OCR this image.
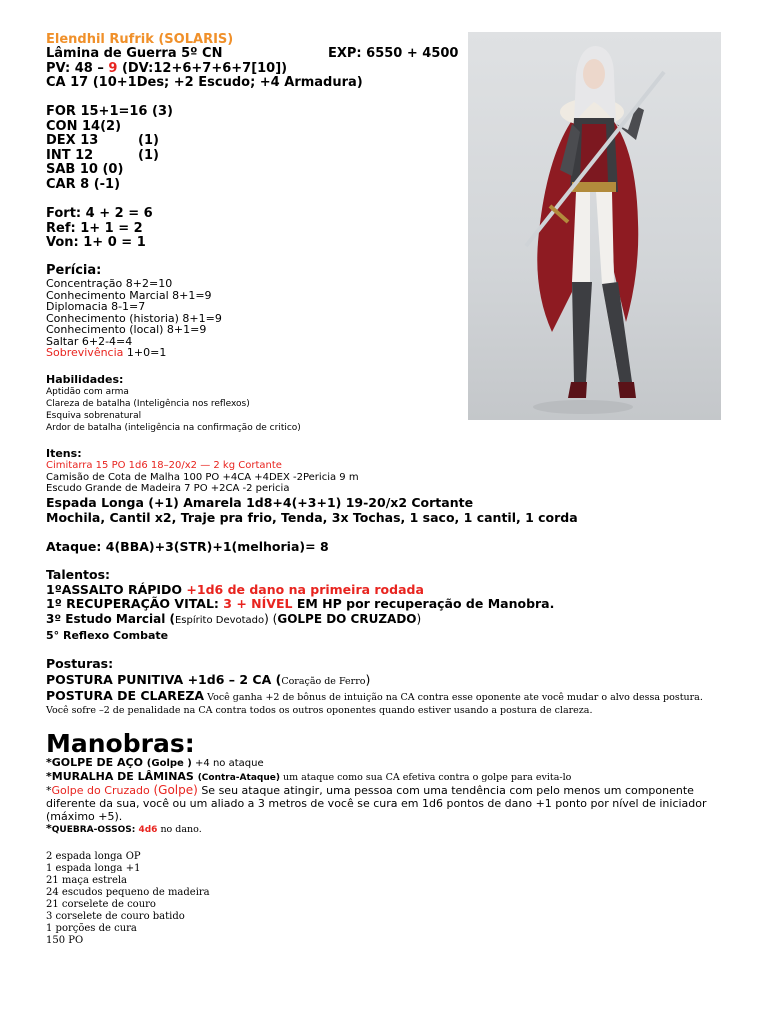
Elendhil Rufrik (SOLARIS)
Lâmina de Guerra 5º CN	EXP: 6550 + 4500
PV: 48 – 9 (DV:12+6+7+6+7[10])
CA 17 (10+1Des; +2 Escudo; +4 Armadura)
FOR 15+1=16 (3)
CON 14(2)
DEX 13	(1)
INT 12	(1)
SAB 10 (0)
CAR 8 (-1)
Fort: 4 + 2 = 6
Ref: 1+ 1 = 2
Von: 1+ 0 = 1
Perícia:
Concentração 8+2=10
Conhecimento Marcial 8+1=9
Diplomacia 8-1=7
Conhecimento (historia) 8+1=9
Conhecimento (local) 8+1=9
Saltar 6+2-4=4
Sobrevivência 1+0=1
Habilidades:
Aptidão com arma
Clareza de batalha (Inteligência nos reflexos)
Esquiva sobrenatural
Ardor de batalha (inteligência na confirmação de critico)
Itens:
Cimitarra 15 PO 1d6 18–20/x2 — 2 kg Cortante
Camisão de Cota de Malha 100 PO +4CA +4DEX -2Pericia 9 m
Escudo Grande de Madeira 7 PO +2CA -2 pericia
Espada Longa (+1) Amarela 1d8+4(+3+1) 19-20/x2 Cortante
Mochila, Cantil x2, Traje pra frio, Tenda, 3x Tochas, 1 saco, 1 cantil, 1 corda
Ataque: 4(BBA)+3(STR)+1(melhoria)= 8
Talentos:
1ºASSALTO RÁPIDO +1d6 de dano na primeira rodada
1º RECUPERAÇÃO VITAL: 3 + NÍVEL EM HP por recuperação de Manobra.
3º Estudo Marcial (Espírito Devotado) (GOLPE DO CRUZADO)
5° Reflexo Combate
Posturas:
POSTURA PUNITIVA +1d6 – 2 CA (Coração de Ferro)
POSTURA DE CLAREZA Você ganha +2 de bônus de intuição na CA contra esse oponente ate você mudar o alvo dessa postura. Você sofre –2 de penalidade na CA contra todos os outros oponentes quando estiver usando a postura de clareza.
Manobras:
*GOLPE DE AÇO (Golpe ) +4 no ataque
*MURALHA DE LÂMINAS (Contra-Ataque) um ataque como sua CA efetiva contra o golpe para evita-lo
*Golpe do Cruzado (Golpe) Se seu ataque atingir, uma pessoa com uma tendência com pelo menos um componente diferente da sua, você ou um aliado a 3 metros de você se cura em 1d6 pontos de dano +1 ponto por nível de iniciador (máximo +5).
*QUEBRA-OSSOS: 4d6 no dano.
2 espada longa OP
1 espada longa +1
21 maça estrela
24 escudos pequeno de madeira
21 corselete de couro
3 corselete de couro batido
1 porções de cura
150 PO
